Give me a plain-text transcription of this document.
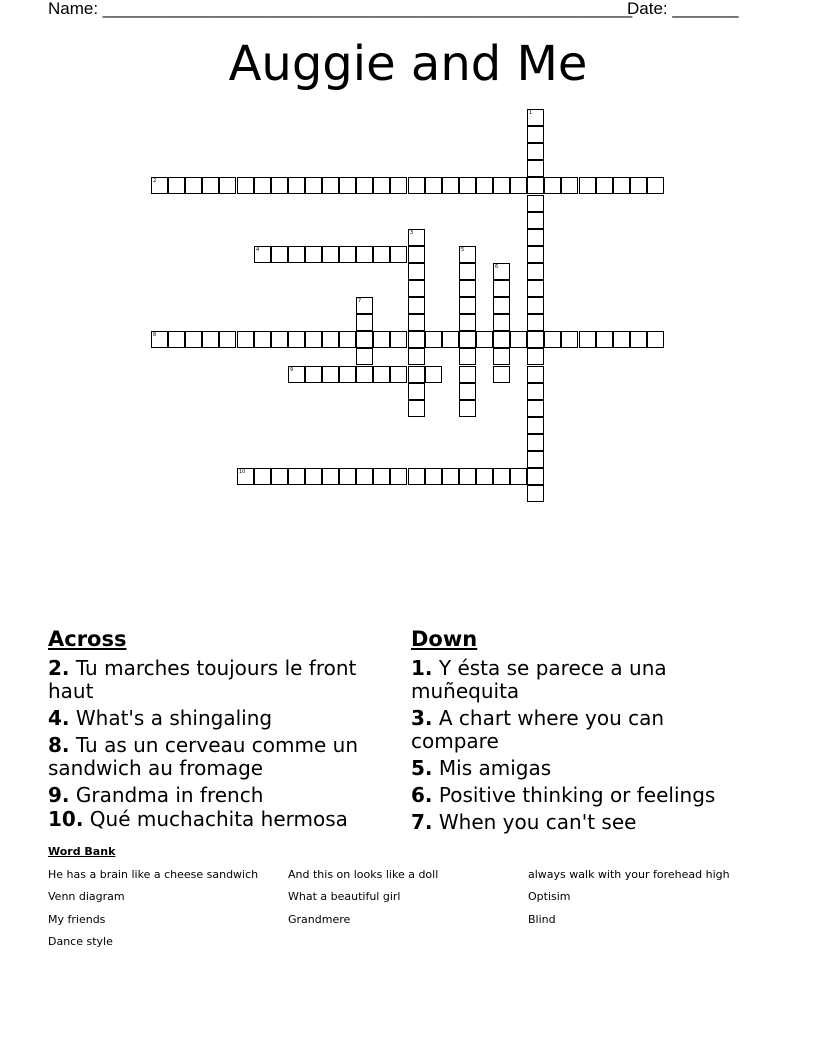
Name: ________________________________________________________
Date: _______
Auggie and Me
1
2
3
4	5
6
7
8
9
10
Across
2. Tu marches toujours le front haut
4. What's a shingaling
8. Tu as un cerveau comme un sandwich au fromage
9. Grandma in french
10. Qué muchachita hermosa
Down
1. Y ésta se parece a una muñequita
3. A chart where you can compare
5. Mis amigas
6. Positive thinking or feelings
7. When you can't see
Word Bank
He has a brain like a cheese sandwich	And this on looks like a doll	always walk with your forehead high
Venn diagram	What a beautiful girl	Optisim
My friends	Grandmere	Blind
Dance style
